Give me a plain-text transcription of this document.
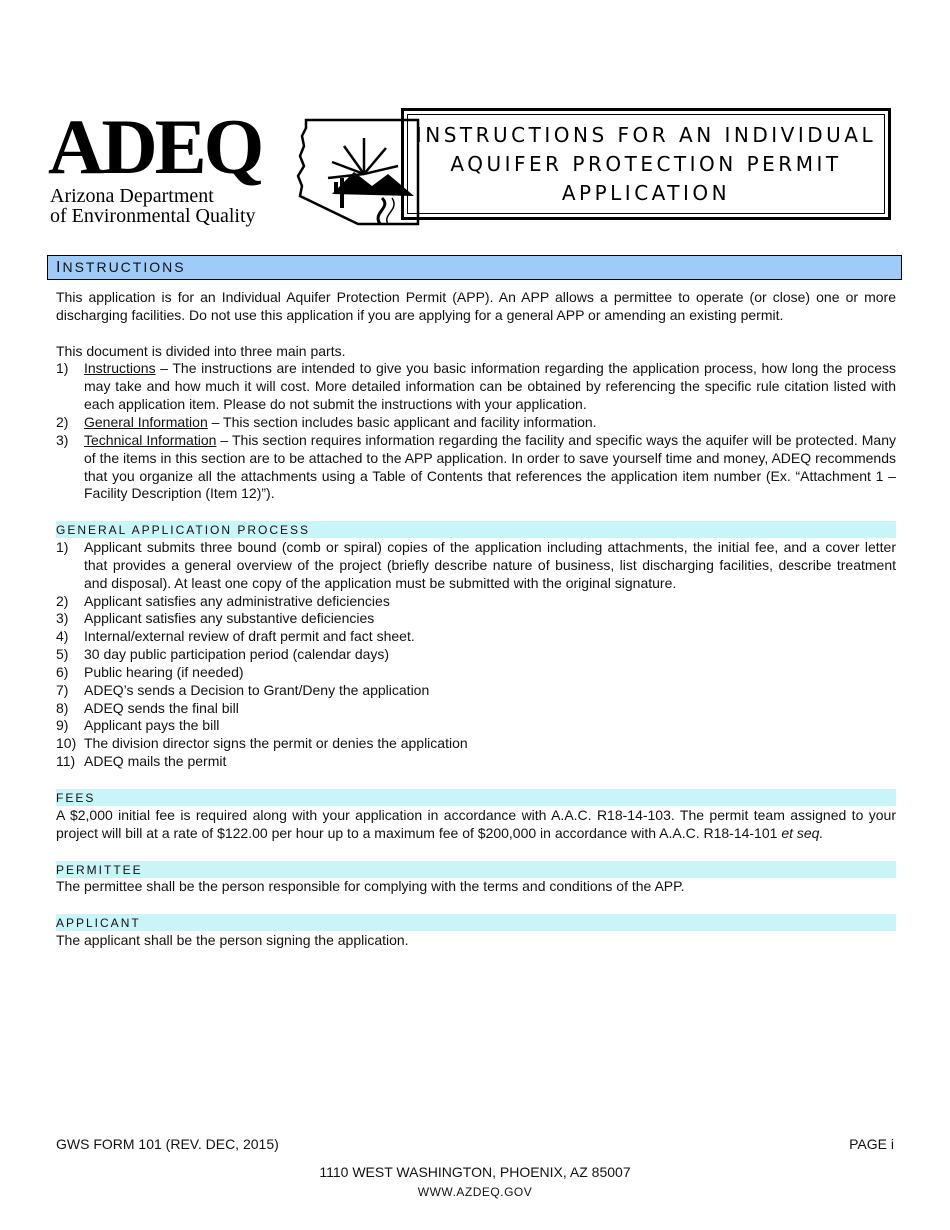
ADEQ
Arizona Department
of Environmental Quality
INSTRUCTIONS FOR AN INDIVIDUAL
AQUIFER PROTECTION PERMIT
APPLICATION
INSTRUCTIONS
This application is for an Individual Aquifer Protection Permit (APP). An APP allows a permittee to operate (or close) one or more discharging facilities. Do not use this application if you are applying for a general APP or amending an existing permit.
This document is divided into three main parts.
1)	Instructions – The instructions are intended to give you basic information regarding the application process, how long the process may take and how much it will cost. More detailed information can be obtained by referencing the specific rule citation listed with each application item. Please do not submit the instructions with your application.
2)	General Information – This section includes basic applicant and facility information.
3)	Technical Information – This section requires information regarding the facility and specific ways the aquifer will be protected. Many of the items in this section are to be attached to the APP application. In order to save yourself time and money, ADEQ recommends that you organize all the attachments using a Table of Contents that references the application item number (Ex. “Attachment 1 – Facility Description (Item 12)”).
GENERAL APPLICATION PROCESS
1)	Applicant submits three bound (comb or spiral) copies of the application including attachments, the initial fee, and a cover letter that provides a general overview of the project (briefly describe nature of business, list discharging facilities, describe treatment and disposal). At least one copy of the application must be submitted with the original signature.
2)	Applicant satisfies any administrative deficiencies
3)	Applicant satisfies any substantive deficiencies
4)	Internal/external review of draft permit and fact sheet.
5)	30 day public participation period (calendar days)
6)	Public hearing (if needed)
7)	ADEQ’s sends a Decision to Grant/Deny the application
8)	ADEQ sends the final bill
9)	Applicant pays the bill
10) The division director signs the permit or denies the application
11) ADEQ mails the permit
FEES
A $2,000 initial fee is required along with your application in accordance with A.A.C. R18-14-103. The permit team assigned to your project will bill at a rate of $122.00 per hour up to a maximum fee of $200,000 in accordance with A.A.C. R18-14-101 et seq.
PERMITTEE
The permittee shall be the person responsible for complying with the terms and conditions of the APP.
APPLICANT
The applicant shall be the person signing the application.
GWS FORM 101 (REV. DEC, 2015)	PAGE i
1110 WEST WASHINGTON, PHOENIX, AZ 85007
WWW.AZDEQ.GOV
